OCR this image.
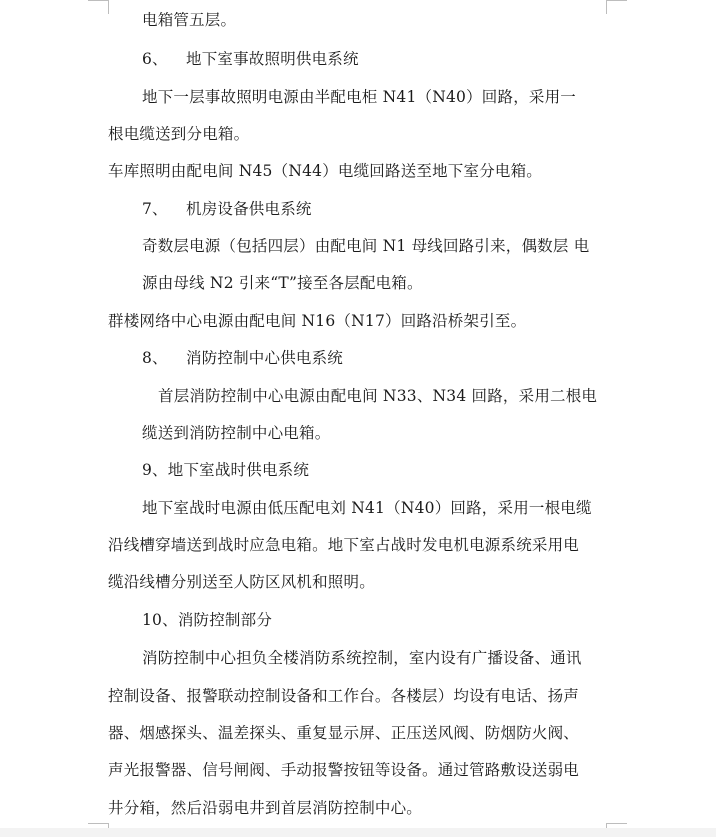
电箱管五层。
6、 地下室事故照明供电系统
地下一层事故照明电源由半配电柜 N41（N40）回路，采用一
根电缆送到分电箱。
车库照明由配电间 N45（N44）电缆回路送至地下室分电箱。
7、 机房设备供电系统
奇数层电源（包括四层）由配电间 N1 母线回路引来，偶数层 电
源由母线 N2 引来“T”接至各层配电箱。
群楼网络中心电源由配电间 N16（N17）回路沿桥架引至。
8、 消防控制中心供电系统
首层消防控制中心电源由配电间 N33、N34 回路，采用二根电
缆送到消防控制中心电箱。
9、地下室战时供电系统
地下室战时电源由低压配电刘 N41（N40）回路，采用一根电缆
沿线槽穿墙送到战时应急电箱。地下室占战时发电机电源系统采用电
缆沿线槽分别送至人防区风机和照明。
10、消防控制部分
消防控制中心担负全楼消防系统控制，室内设有广播设备、通讯
控制设备、报警联动控制设备和工作台。各楼层）均设有电话、扬声
器、烟感探头、温差探头、重复显示屏、正压送风阀、防烟防火阀、
声光报警器、信号闸阀、手动报警按钮等设备。通过管路敷设送弱电
井分箱，然后沿弱电井到首层消防控制中心。
